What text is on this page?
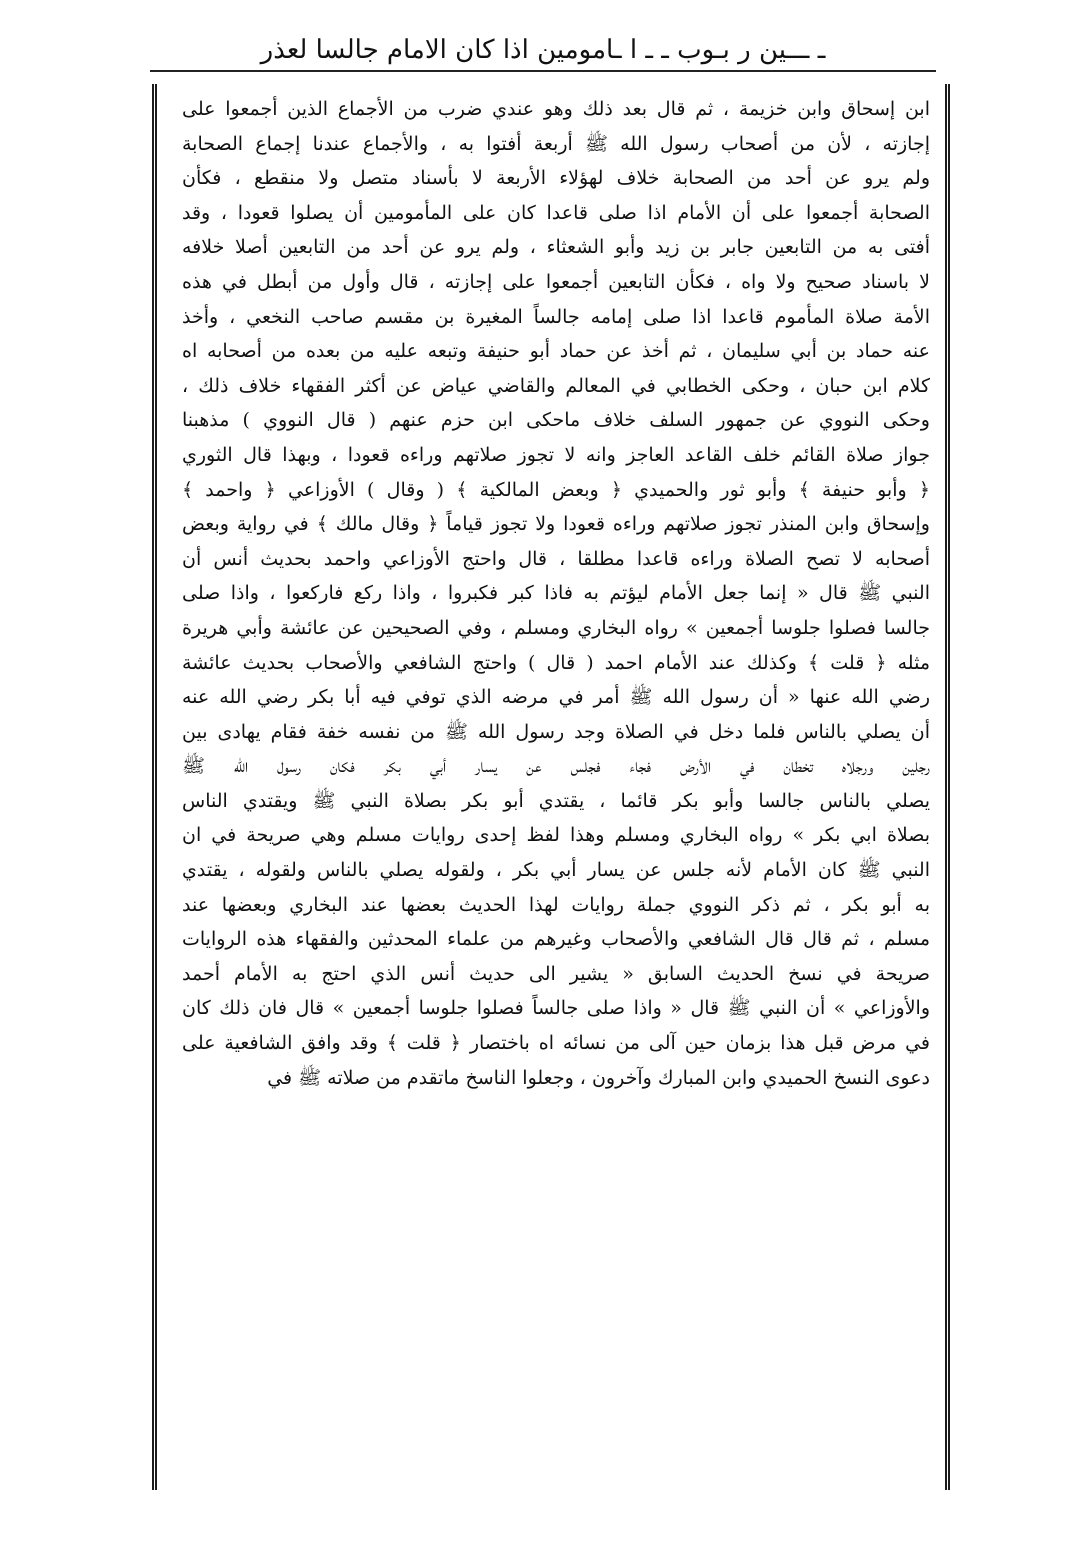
ـ ـــين ر بـوب ـ ـ ا ـامومين اذا كان الامام جالسا لعذر
ابن إسحاق وابن خزيمة ، ثم قال بعد ذلك وهو عندي ضرب من الأجماع الذين أجمعوا على
إجازته ، لأن من أصحاب رسول الله ﷺ أربعة أفتوا به ، والأجماع عندنا إجماع الصحابة
ولم يرو عن أحد من الصحابة خلاف لهؤلاء الأربعة لا بأسناد متصل ولا منقطع ، فكأن
الصحابة أجمعوا على أن الأمام اذا صلى قاعدا كان على المأمومين أن يصلوا قعودا ، وقد
أفتى به من التابعين جابر بن زيد وأبو الشعثاء ، ولم يرو عن أحد من التابعين أصلا خلافه
لا باسناد صحيح ولا واه ، فكأن التابعين أجمعوا على إجازته ، قال وأول من أبطل في هذه
الأمة صلاة المأموم قاعدا اذا صلى إمامه جالساً المغيرة بن مقسم صاحب النخعي ، وأخذ
عنه حماد بن أبي سليمان ، ثم أخذ عن حماد أبو حنيفة وتبعه عليه من بعده من أصحابه اه
كلام ابن حبان ، وحكى الخطابي في المعالم والقاضي عياض عن أكثر الفقهاء خلاف ذلك ،
وحكى النووي عن جمهور السلف خلاف ماحكى ابن حزم عنهم ( قال النووي ) مذهبنا
جواز صلاة القائم خلف القاعد العاجز وانه لا تجوز صلاتهم وراءه قعودا ، وبهذا قال الثوري
﴿ وأبو حنيفة ﴾ وأبو ثور والحميدي ﴿ وبعض المالكية ﴾ ( وقال ) الأوزاعي ﴿ واحمد ﴾
وإسحاق وابن المنذر تجوز صلاتهم وراءه قعودا ولا تجوز قياماً ﴿ وقال مالك ﴾ في رواية وبعض
أصحابه لا تصح الصلاة وراءه قاعدا مطلقا ، قال واحتج الأوزاعي واحمد بحديث أنس أن
النبي ﷺ قال « إنما جعل الأمام ليؤتم به فاذا كبر فكبروا ، واذا ركع فاركعوا ، واذا صلى
جالسا فصلوا جلوسا أجمعين » رواه البخاري ومسلم ، وفي الصحيحين عن عائشة وأبي هريرة
مثله ﴿ قلت ﴾ وكذلك عند الأمام احمد ( قال ) واحتج الشافعي والأصحاب بحديث عائشة
رضي الله عنها « أن رسول الله ﷺ أمر في مرضه الذي توفي فيه أبا بكر رضي الله عنه
أن يصلي بالناس فلما دخل في الصلاة وجد رسول الله ﷺ من نفسه خفة فقام يهادى بين
رجلين ورجلاه تخطان في الأرض فجاء فجلس عن يسار أبي بكر فكان رسول الله ﷺ
يصلي بالناس جالسا وأبو بكر قائما ، يقتدي أبو بكر بصلاة النبي ﷺ ويقتدي الناس
بصلاة ابي بكر » رواه البخاري ومسلم وهذا لفظ إحدى روايات مسلم وهي صريحة في ان
النبي ﷺ كان الأمام لأنه جلس عن يسار أبي بكر ، ولقوله يصلي بالناس ولقوله ، يقتدي
به أبو بكر ، ثم ذكر النووي جملة روايات لهذا الحديث بعضها عند البخاري وبعضها عند
مسلم ، ثم قال قال الشافعي والأصحاب وغيرهم من علماء المحدثين والفقهاء هذه الروايات
صريحة في نسخ الحديث السابق « يشير الى حديث أنس الذي احتج به الأمام أحمد
والأوزاعي » أن النبي ﷺ قال « واذا صلى جالساً فصلوا جلوسا أجمعين » قال فان ذلك كان
في مرض قبل هذا بزمان حين آلى من نسائه اه باختصار ﴿ قلت ﴾ وقد وافق الشافعية على
دعوى النسخ الحميدي وابن المبارك وآخرون ، وجعلوا الناسخ ماتقدم من صلاته ﷺ في
